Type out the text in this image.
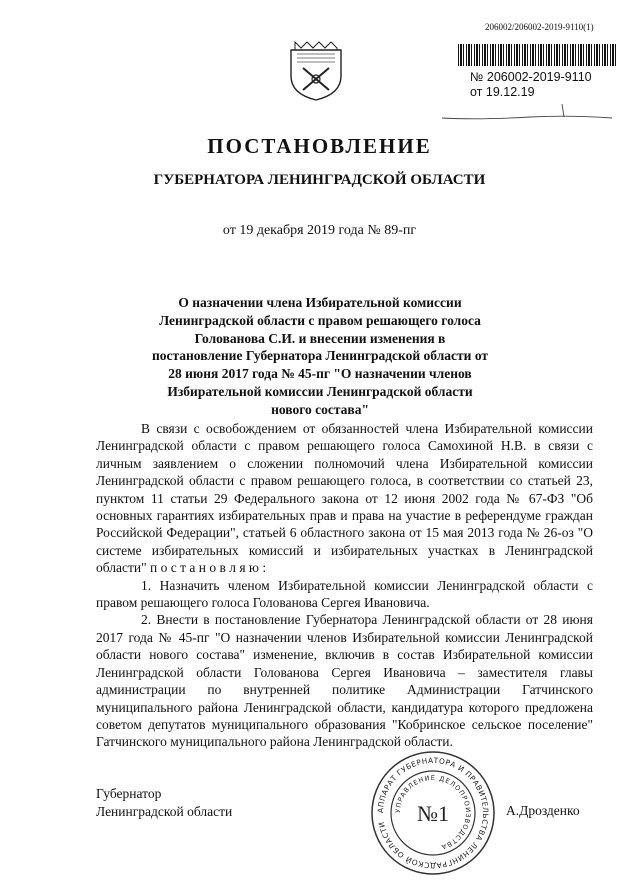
206002/206002-2019-9110(1)
№ 206002-2019-9110
от 19.12.19
ПОСТАНОВЛЕНИЕ
ГУБЕРНАТОРА ЛЕНИНГРАДСКОЙ ОБЛАСТИ
от 19 декабря 2019 года № 89-пг
О назначении члена Избирательной комиссии Ленинградской области с правом решающего голоса Голованова С.И. и внесении изменения в постановление Губернатора Ленинградской области от 28 июня 2017 года № 45-пг "О назначении членов Избирательной комиссии Ленинградской области нового состава"

В связи с освобождением от обязанностей члена Избирательной комиссии Ленинградской области с правом решающего голоса Самохиной Н.В. в связи с личным заявлением о сложении полномочий члена Избирательной комиссии Ленинградской области с правом решающего голоса, в соответствии со статьей 23, пунктом 11 статьи 29 Федерального закона от 12 июня 2002 года № 67-ФЗ "Об основных гарантиях избирательных прав и права на участие в референдуме граждан Российской Федерации", статьей 6 областного закона от 15 мая 2013 года № 26-оз "О системе избирательных комиссий и избирательных участках в Ленинградской области" п о с т а н о в л я ю :

1. Назначить членом Избирательной комиссии Ленинградской области с правом решающего голоса Голованова Сергея Ивановича.

2. Внести в постановление Губернатора Ленинградской области от 28 июня 2017 года № 45-пг "О назначении членов Избирательной комиссии Ленинградской области нового состава" изменение, включив в состав Избирательной комиссии Ленинградской области Голованова Сергея Ивановича – заместителя главы администрации по внутренней политике Администрации Гатчинского муниципального района Ленинградской области, кандидатура которого предложена советом депутатов муниципального образования "Кобринское сельское поселение" Гатчинского муниципального района Ленинградской области.

Губернатор
Ленинградской области	А.Дрозденко
АППАРАТ ГУБЕРНАТОРА И ПРАВИТЕЛЬСТВА ЛЕНИНГРАДСКОЙ ОБЛАСТИ
УПРАВЛЕНИЕ ДЕЛОПРОИЗВОДСТВА
№1
